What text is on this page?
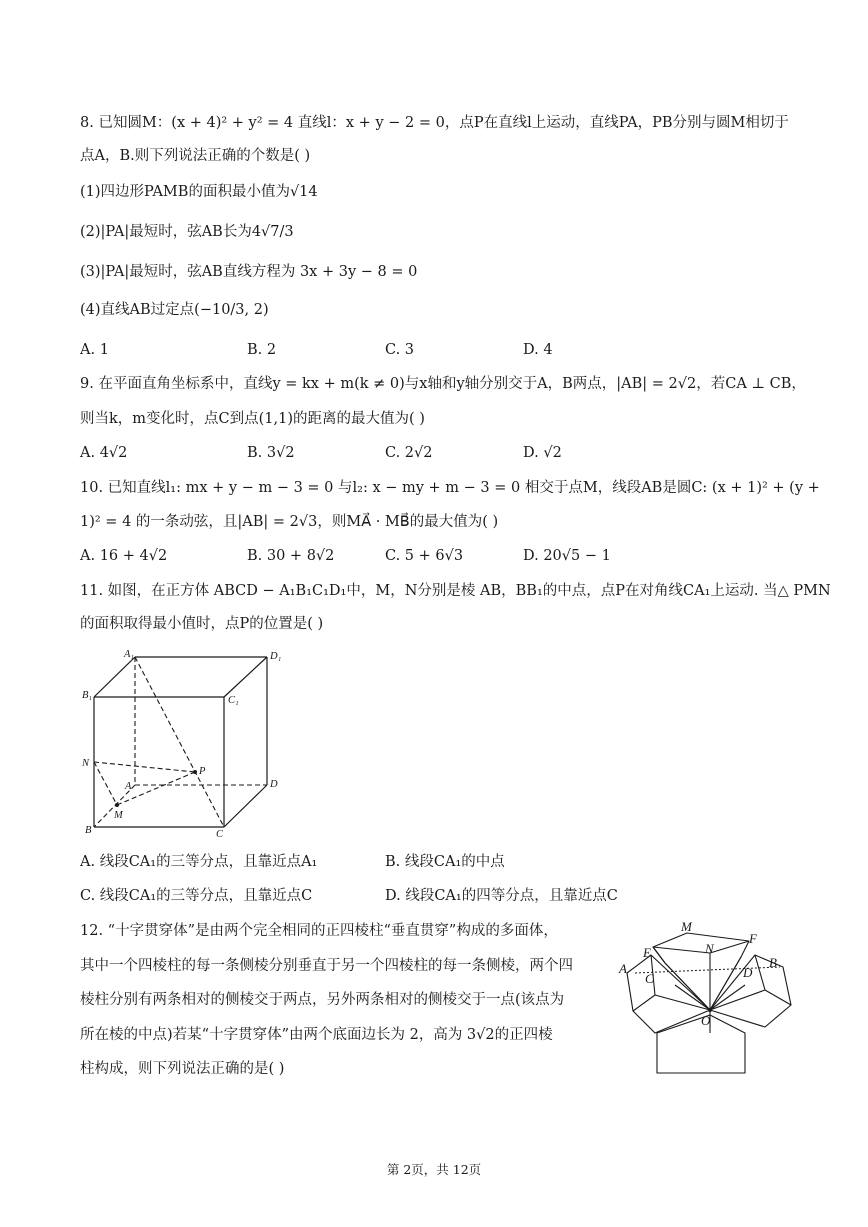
8. 已知圆M：(x + 4)² + y² = 4 直线l：x + y − 2 = 0，点P在直线l上运动，直线PA，PB分别与圆M相切于
点A，B.则下列说法正确的个数是( )
(1)四边形PAMB的面积最小值为√14
(2)|PA|最短时，弦AB长为4√7/3
(3)|PA|最短时，弦AB直线方程为 3x + 3y − 8 = 0
(4)直线AB过定点(−10/3, 2)
A. 1	B. 2	C. 3	D. 4
9. 在平面直角坐标系中，直线y = kx + m(k ≠ 0)与x轴和y轴分别交于A，B两点，|AB| = 2√2，若CA ⊥ CB，
则当k，m变化时，点C到点(1,1)的距离的最大值为( )
A. 4√2	B. 3√2	C. 2√2	D. √2
10. 已知直线l₁: mx + y − m − 3 = 0 与l₂: x − my + m − 3 = 0 相交于点M，线段AB是圆C: (x + 1)² + (y +
1)² = 4 的一条动弦，且|AB| = 2√3，则MA⃗ · MB⃗的最大值为( )
A. 16 + 4√2	B. 30 + 8√2	C. 5 + 6√3	D. 20√5 − 1
11. 如图，在正方体 ABCD − A₁B₁C₁D₁中，M，N分别是棱 AB，BB₁的中点，点P在对角线CA₁上运动. 当△ PMN
的面积取得最小值时，点P的位置是( )
A₁	D₁
B₁	C₁
N
P
A	D
M
B	C
A. 线段CA₁的三等分点，且靠近点A₁	B. 线段CA₁的中点
C. 线段CA₁的三等分点，且靠近点C	D. 线段CA₁的四等分点，且靠近点C
12. “十字贯穿体”是由两个完全相同的正四棱柱“垂直贯穿”构成的多面体，
其中一个四棱柱的每一条侧棱分别垂直于另一个四棱柱的每一条侧棱，两个四
棱柱分别有两条相对的侧棱交于两点，另外两条相对的侧棱交于一点(该点为
所在棱的中点)若某“十字贯穿体”由两个底面边长为 2，高为 3√2的正四棱
柱构成，则下列说法正确的是( )
M
E	N
F
A
C	D
B
O
第 2页，共 12页
